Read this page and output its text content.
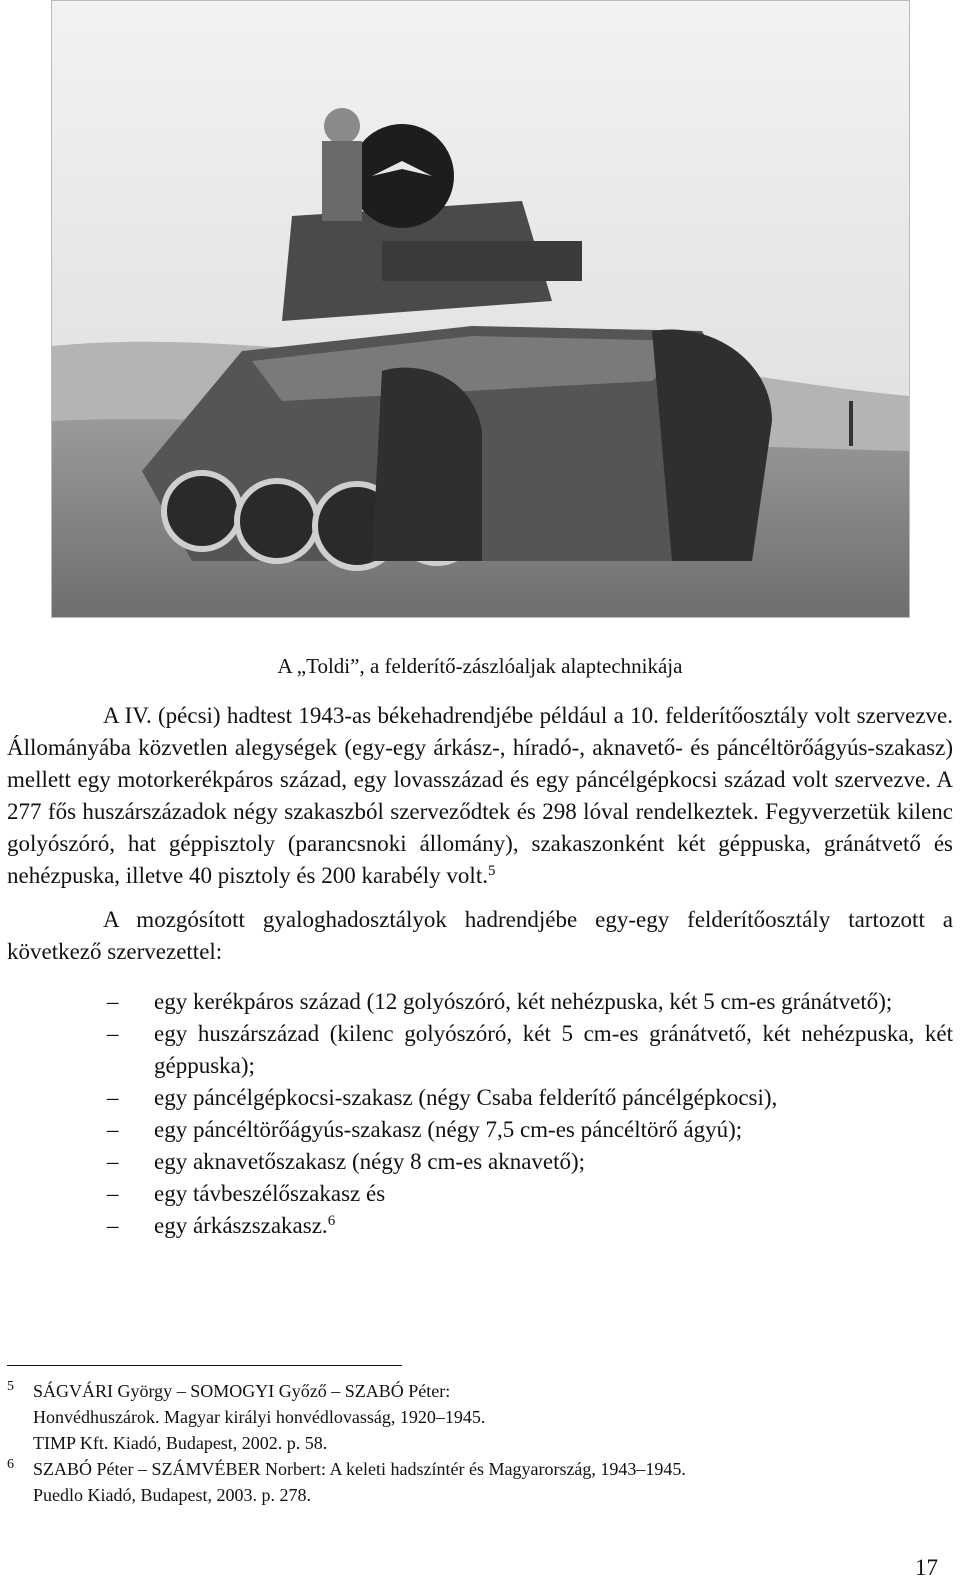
A „Toldi”, a felderítő-zászlóaljak alaptechnikája

A IV. (pécsi) hadtest 1943-as békehadrendjébe például a 10. felderítőosztály volt szervezve. Állományába közvetlen alegységek (egy-egy árkász-, híradó-, aknavető- és páncéltörőágyús-szakasz) mellett egy motorkerékpáros század, egy lovasszázad és egy páncélgépkocsi század volt szervezve. A 277 fős huszárszázadok négy szakaszból szerveződtek és 298 lóval rendelkeztek. Fegyverzetük kilenc golyószóró, hat géppisztoly (parancsnoki állomány), szakaszonként két géppuska, gránátvető és nehézpuska, illetve 40 pisztoly és 200 karabély volt.$^5$

A mozgósított gyaloghadosztályok hadrendjébe egy-egy felderítőosztály tartozott a következő szervezettel:

– egy kerékpáros század (12 golyószóró, két nehézpuska, két 5 cm-es gránátvető);
– egy huszárszázad (kilenc golyószóró, két 5 cm-es gránátvető, két nehézpuska, két géppuska);
– egy páncélgépkocsi-szakasz (négy Csaba felderítő páncélgépkocsi),
– egy páncéltörőágyús-szakasz (négy 7,5 cm-es páncéltörő ágyú);
– egy aknavetőszakasz (négy 8 cm-es aknavető);
– egy távbeszélőszakasz és
– egy árkászszakasz.$^6$
5 SÁGVÁRI György – SOMOGYI Győző – SZABÓ Péter:
Honvédhuszárok. Magyar királyi honvédlovasság, 1920–1945.
TIMP Kft. Kiadó, Budapest, 2002. p. 58.
6 SZABÓ Péter – SZÁMVÉBER Norbert: A keleti hadszíntér és Magyarország, 1943–1945.
Puedlo Kiadó, Budapest, 2003. p. 278.
17
